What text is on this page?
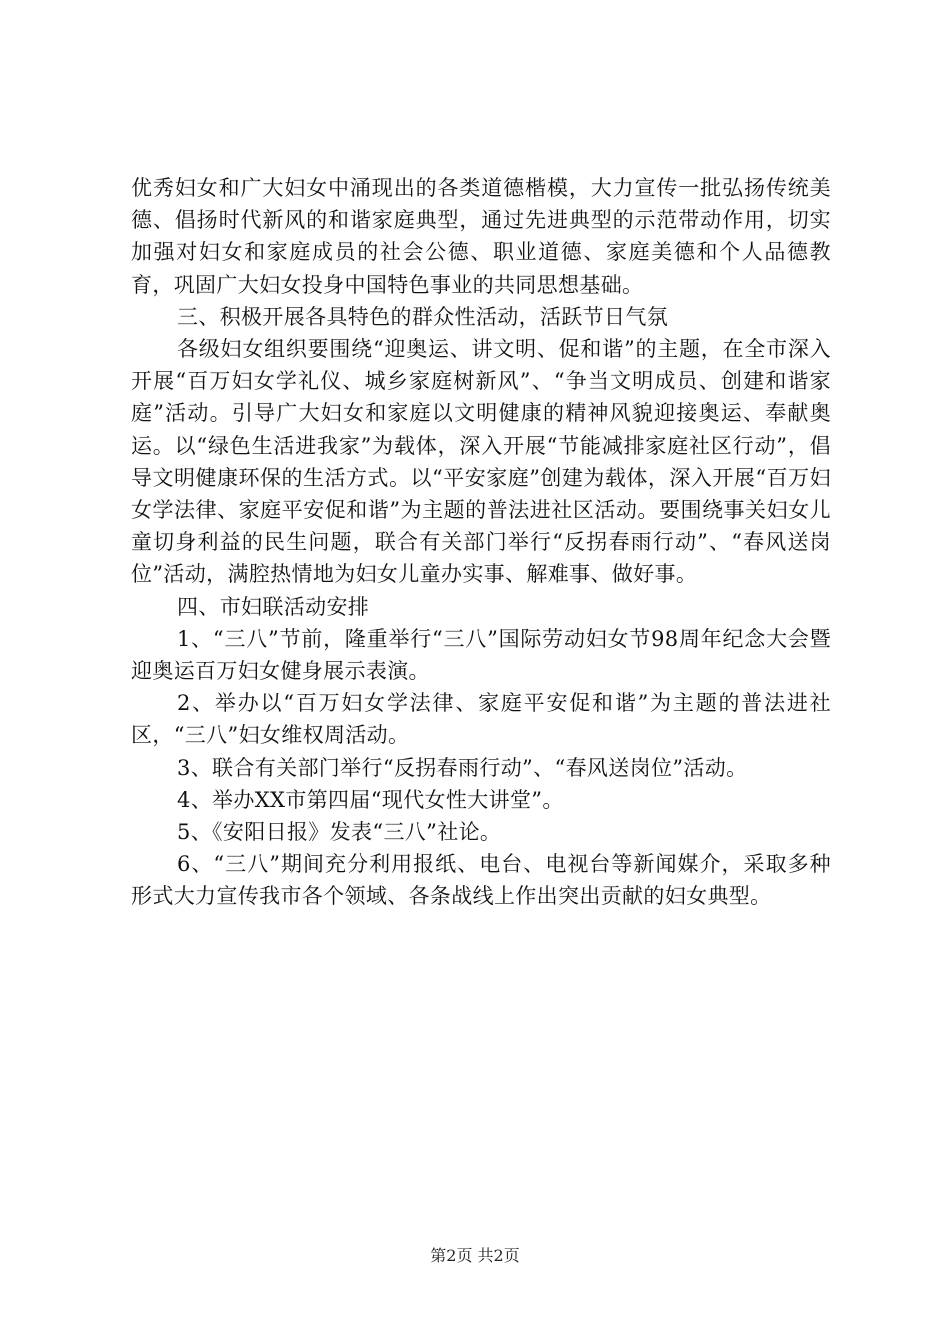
优秀妇女和广大妇女中涌现出的各类道德楷模，大力宣传一批弘扬传统美德、倡扬时代新风的和谐家庭典型，通过先进典型的示范带动作用，切实加强对妇女和家庭成员的社会公德、职业道德、家庭美德和个人品德教育，巩固广大妇女投身中国特色事业的共同思想基础。

三、积极开展各具特色的群众性活动，活跃节日气氛

各级妇女组织要围绕“迎奥运、讲文明、促和谐”的主题，在全市深入开展“百万妇女学礼仪、城乡家庭树新风”、“争当文明成员、创建和谐家庭”活动。引导广大妇女和家庭以文明健康的精神风貌迎接奥运、奉献奥运。以“绿色生活进我家”为载体，深入开展“节能减排家庭社区行动”，倡导文明健康环保的生活方式。以“平安家庭”创建为载体，深入开展“百万妇女学法律、家庭平安促和谐”为主题的普法进社区活动。要围绕事关妇女儿童切身利益的民生问题，联合有关部门举行“反拐春雨行动”、“春风送岗位”活动，满腔热情地为妇女儿童办实事、解难事、做好事。

四、市妇联活动安排

1、“三八”节前，隆重举行“三八”国际劳动妇女节98周年纪念大会暨迎奥运百万妇女健身展示表演。

2、举办以“百万妇女学法律、家庭平安促和谐”为主题的普法进社区，“三八”妇女维权周活动。

3、联合有关部门举行“反拐春雨行动”、“春风送岗位”活动。

4、举办XX市第四届“现代女性大讲堂”。

5、《安阳日报》发表“三八”社论。

6、“三八”期间充分利用报纸、电台、电视台等新闻媒介，采取多种形式大力宣传我市各个领域、各条战线上作出突出贡献的妇女典型。

第2页 共2页
